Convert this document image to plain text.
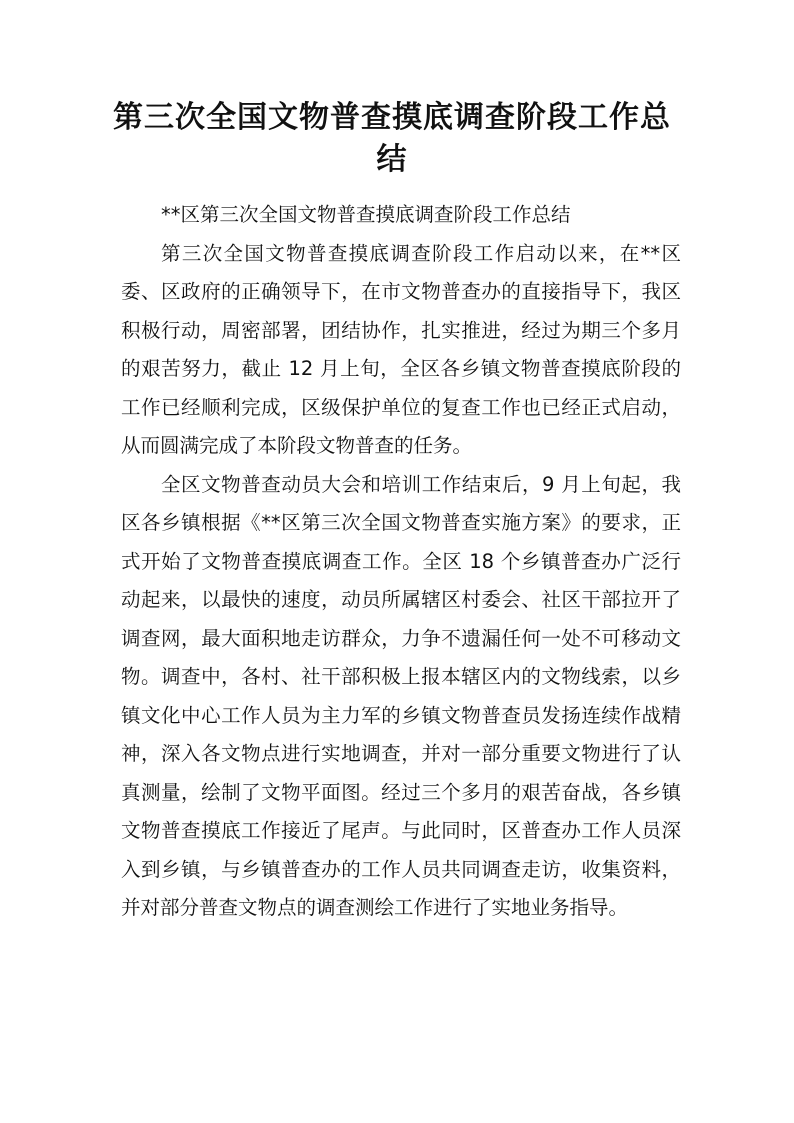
第三次全国文物普查摸底调查阶段工作总
结

**区第三次全国文物普查摸底调查阶段工作总结

第三次全国文物普查摸底调查阶段工作启动以来，在**区委、区政府的正确领导下，在市文物普查办的直接指导下，我区积极行动，周密部署，团结协作，扎实推进，经过为期三个多月的艰苦努力，截止 12 月上旬，全区各乡镇文物普查摸底阶段的工作已经顺利完成，区级保护单位的复查工作也已经正式启动，从而圆满完成了本阶段文物普查的任务。

全区文物普查动员大会和培训工作结束后，9 月上旬起，我区各乡镇根据《**区第三次全国文物普查实施方案》的要求，正式开始了文物普查摸底调查工作。全区 18 个乡镇普查办广泛行动起来，以最快的速度，动员所属辖区村委会、社区干部拉开了调查网，最大面积地走访群众，力争不遗漏任何一处不可移动文物。调查中，各村、社干部积极上报本辖区内的文物线索，以乡镇文化中心工作人员为主力军的乡镇文物普查员发扬连续作战精神，深入各文物点进行实地调查，并对一部分重要文物进行了认真测量，绘制了文物平面图。经过三个多月的艰苦奋战，各乡镇文物普查摸底工作接近了尾声。与此同时，区普查办工作人员深入到乡镇，与乡镇普查办的工作人员共同调查走访，收集资料，并对部分普查文物点的调查测绘工作进行了实地业务指导。
